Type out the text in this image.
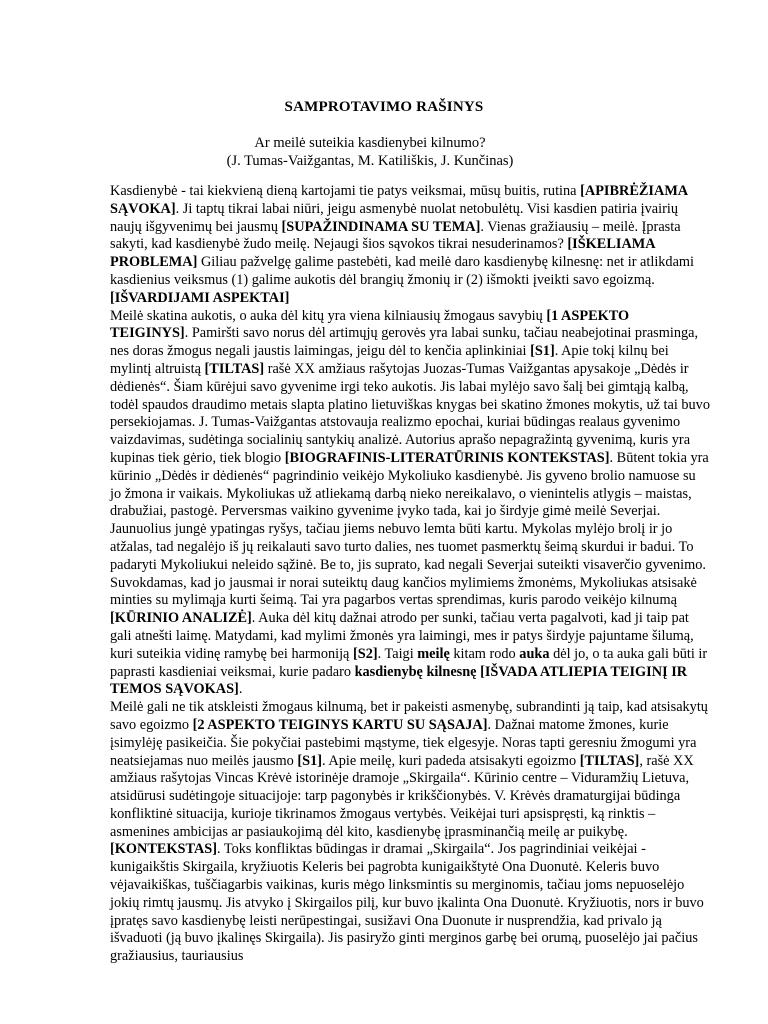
SAMPROTAVIMO RAŠINYS
Ar meilė suteikia kasdienybei kilnumo?
(J. Tumas-Vaižgantas, M. Katiliškis, J. Kunčinas)

Kasdienybė - tai kiekvieną dieną kartojami tie patys veiksmai, mūsų buitis, rutina [APIBRĖŽIAMA SĄVOKA]. Ji taptų tikrai labai niūri, jeigu asmenybė nuolat netobulėtų. Visi kasdien patiria įvairių naujų išgyvenimų bei jausmų [SUPAŽINDINAMA SU TEMA]. Vienas gražiausių – meilė. Įprasta sakyti, kad kasdienybė žudo meilę. Nejaugi šios sąvokos tikrai nesuderinamos? [IŠKELIAMA PROBLEMA] Giliau pažvelgę galime pastebėti, kad meilė daro kasdienybę kilnesnę: net ir atlikdami kasdienius veiksmus (1) galime aukotis dėl brangių žmonių ir (2) išmokti įveikti savo egoizmą. [IŠVARDIJAMI ASPEKTAI]

Meilė skatina aukotis, o auka dėl kitų yra viena kilniausių žmogaus savybių [1 ASPEKTO TEIGINYS]. Pamiršti savo norus dėl artimųjų gerovės yra labai sunku, tačiau neabejotinai prasminga, nes doras žmogus negali jaustis laimingas, jeigu dėl to kenčia aplinkiniai [S1]. Apie tokį kilnų bei mylintį altruistą [TILTAS] rašė XX amžiaus rašytojas Juozas-Tumas Vaižgantas apysakoje „Dėdės ir dėdienės“. Šiam kūrėjui savo gyvenime irgi teko aukotis. Jis labai mylėjo savo šalį bei gimtąją kalbą, todėl spaudos draudimo metais slapta platino lietuviškas knygas bei skatino žmones mokytis, už tai buvo persekiojamas. J. Tumas-Vaižgantas atstovauja realizmo epochai, kuriai būdingas realaus gyvenimo vaizdavimas, sudėtinga socialinių santykių analizė. Autorius aprašo nepagražintą gyvenimą, kuris yra kupinas tiek gėrio, tiek blogio [BIOGRAFINIS-LITERATŪRINIS KONTEKSTAS]. Būtent tokia yra kūrinio „Dėdės ir dėdienės“ pagrindinio veikėjo Mykoliuko kasdienybė. Jis gyveno brolio namuose su jo žmona ir vaikais. Mykoliukas už atliekamą darbą nieko nereikalavo, o vienintelis atlygis – maistas, drabužiai, pastogė. Perversmas vaikino gyvenime įvyko tada, kai jo širdyje gimė meilė Severjai. Jaunuolius jungė ypatingas ryšys, tačiau jiems nebuvo lemta būti kartu. Mykolas mylėjo brolį ir jo atžalas, tad negalėjo iš jų reikalauti savo turto dalies, nes tuomet pasmerktų šeimą skurdui ir badui. To padaryti Mykoliukui neleido sąžinė. Be to, jis suprato, kad negali Severjai suteikti visaverčio gyvenimo. Suvokdamas, kad jo jausmai ir norai suteiktų daug kančios mylimiems žmonėms, Mykoliukas atsisakė minties su mylimąja kurti šeimą. Tai yra pagarbos vertas sprendimas, kuris parodo veikėjo kilnumą [KŪRINIO ANALIZĖ]. Auka dėl kitų dažnai atrodo per sunki, tačiau verta pagalvoti, kad ji taip pat gali atnešti laimę. Matydami, kad mylimi žmonės yra laimingi, mes ir patys širdyje pajuntame šilumą, kuri suteikia vidinę ramybę bei harmoniją [S2]. Taigi meilę kitam rodo auka dėl jo, o ta auka gali būti ir paprasti kasdieniai veiksmai, kurie padaro kasdienybę kilnesnę [IŠVADA ATLIEPIA TEIGINĮ IR TEMOS SĄVOKAS].

Meilė gali ne tik atskleisti žmogaus kilnumą, bet ir pakeisti asmenybę, subrandinti ją taip, kad atsisakytų savo egoizmo [2 ASPEKTO TEIGINYS KARTU SU SĄSAJA]. Dažnai matome žmones, kurie įsimylėję pasikeičia. Šie pokyčiai pastebimi mąstyme, tiek elgesyje. Noras tapti geresniu žmogumi yra neatsiejamas nuo meilės jausmo [S1]. Apie meilę, kuri padeda atsisakyti egoizmo [TILTAS], rašė XX amžiaus rašytojas Vincas Krėvė istorinėje dramoje „Skirgaila“. Kūrinio centre – Viduramžių Lietuva, atsidūrusi sudėtingoje situacijoje: tarp pagonybės ir krikščionybės. V. Krėvės dramaturgijai būdinga konfliktinė situacija, kurioje tikrinamos žmogaus vertybės. Veikėjai turi apsispręsti, ką rinktis – asmenines ambicijas ar pasiaukojimą dėl kito, kasdienybę įprasminančią meilę ar puikybę. [KONTEKSTAS]. Toks konfliktas būdingas ir dramai „Skirgaila“. Jos pagrindiniai veikėjai - kunigaikštis Skirgaila, kryžiuotis Keleris bei pagrobta kunigaikštytė Ona Duonutė. Keleris buvo vėjavaikiškas, tuščiagarbis vaikinas, kuris mėgo linksmintis su merginomis, tačiau joms nepuoselėjo jokių rimtų jausmų. Jis atvyko į Skirgailos pilį, kur buvo įkalinta Ona Duonutė. Kryžiuotis, nors ir buvo įpratęs savo kasdienybę leisti nerūpestingai, susižavi Ona Duonute ir nusprendžia, kad privalo ją išvaduoti (ją buvo įkalinęs Skirgaila). Jis pasiryžo ginti merginos garbę bei orumą, puoselėjo jai pačius gražiausius, tauriausius
